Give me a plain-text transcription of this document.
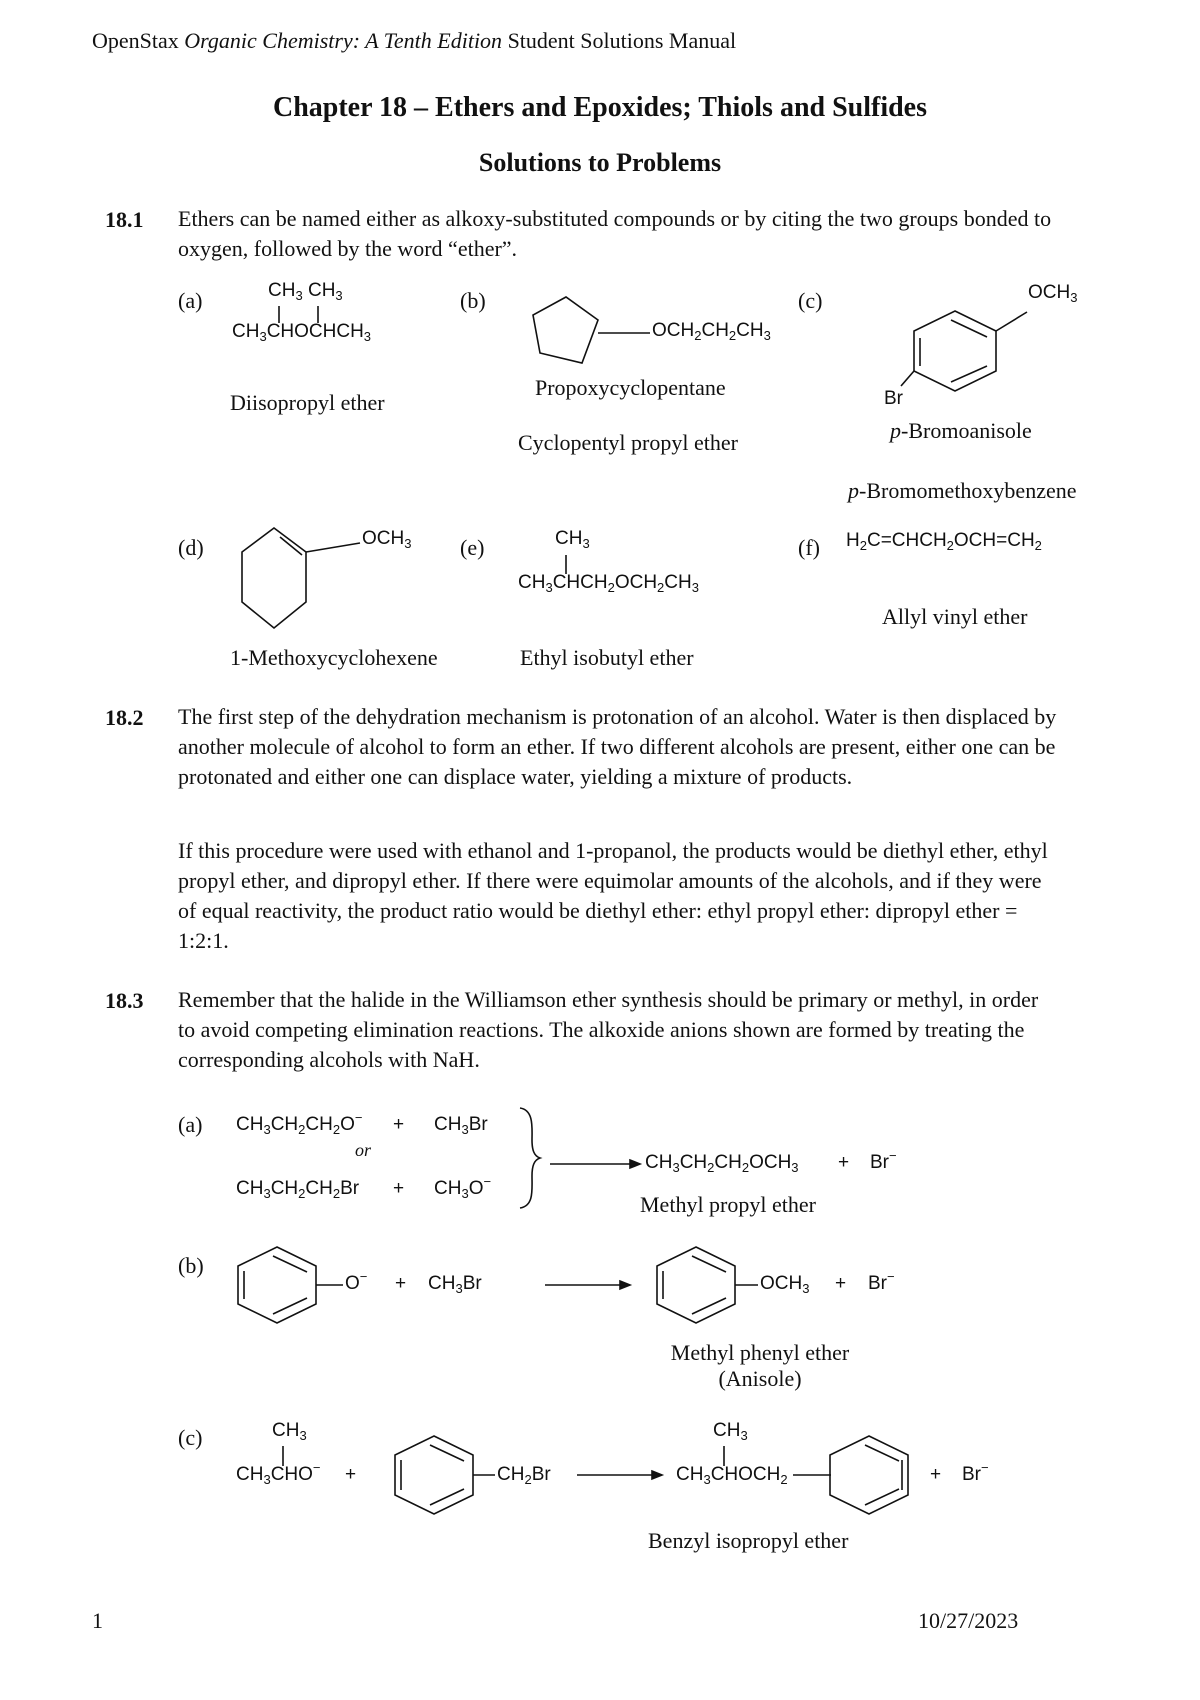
OpenStax Organic Chemistry: A Tenth Edition Student Solutions Manual
Chapter 18 – Ethers and Epoxides; Thiols and Sulfides
Solutions to Problems
18.1 Ethers can be named either as alkoxy-substituted compounds or by citing the two groups bonded to oxygen, followed by the word “ether”.
(a)	$CH_3$ $CH_3$
$CH_3CHOCHCH_3$
Diisopropyl ether
(b)
$OCH_2CH_2CH_3$
Propoxycyclopentane
Cyclopentyl propyl ether
(c)	$OCH_3$
Br
p-Bromoanisole
p-Bromomethoxybenzene
(d)	$OCH_3$
1-Methoxycyclohexene
(e)	$CH_3$
$CH_3CHCH_2OCH_2CH_3$
Ethyl isobutyl ether
(f) $H_2C=CHCH_2OCH=CH_2$
Allyl vinyl ether
18.2 The first step of the dehydration mechanism is protonation of an alcohol. Water is then displaced by another molecule of alcohol to form an ether. If two different alcohols are present, either one can be protonated and either one can displace water, yielding a mixture of products.
If this procedure were used with ethanol and 1-propanol, the products would be diethyl ether, ethyl propyl ether, and dipropyl ether. If there were equimolar amounts of the alcohols, and if they were of equal reactivity, the product ratio would be diethyl ether: ethyl propyl ether: dipropyl ether = 1:2:1.
18.3 Remember that the halide in the Williamson ether synthesis should be primary or methyl, in order to avoid competing elimination reactions. The alkoxide anions shown are formed by treating the corresponding alcohols with NaH.
(a) $CH_3CH_2CH_2O^- + CH_3Br$
or
$CH_3CH_2CH_2Br + CH_3O^-$
$CH_3CH_2CH_2OCH_3 + Br^-$
Methyl propyl ether
(b)
$O^- + CH_3Br$	$OCH_3 + Br^-$
Methyl phenyl ether
(Anisole)
(c)	$CH_3$
$CH_3CHO^-$ +	$CH_2Br$
$CH_3$
$CH_3CHOCH_2$	+ Br−
Benzyl isopropyl ether
1	10/27/2023
